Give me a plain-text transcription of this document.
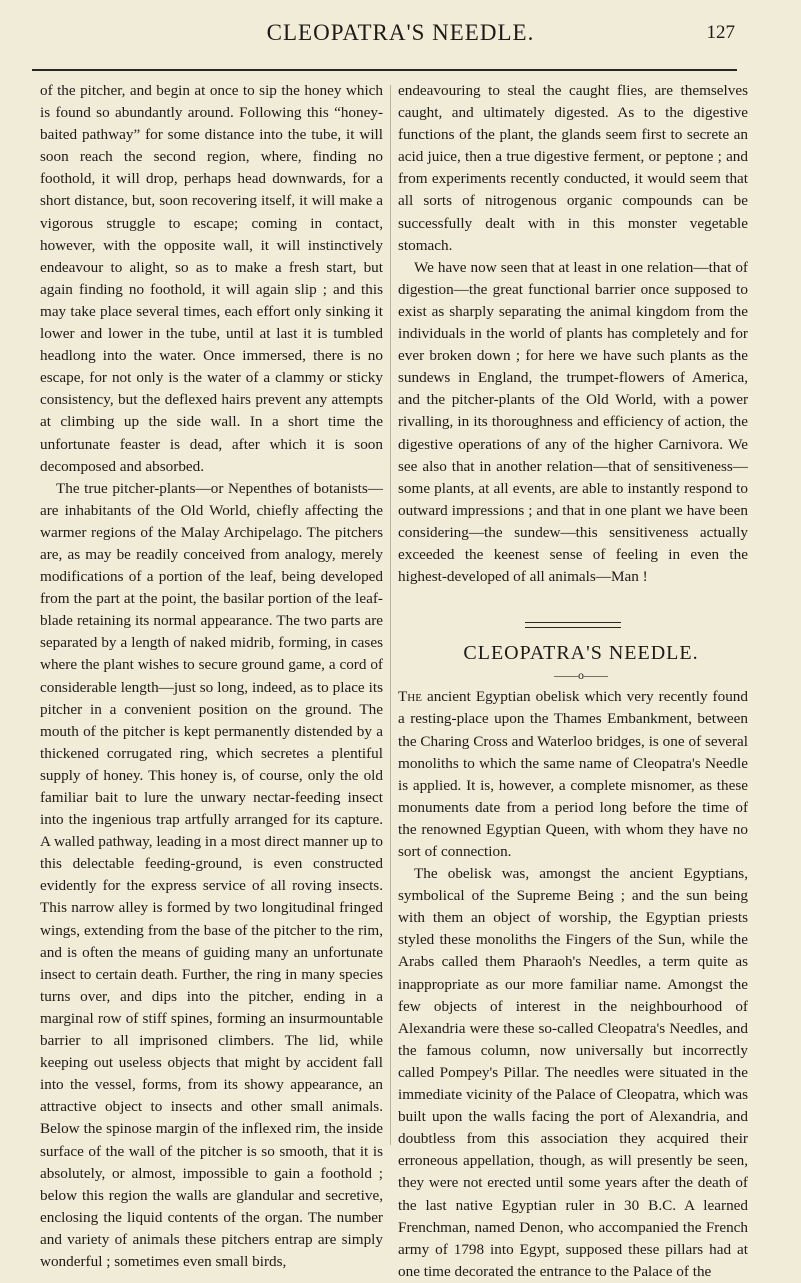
CLEOPATRA'S NEEDLE.	127

of the pitcher, and begin at once to sip the honey which is found so abundantly around. Following this “honey-baited pathway” for some distance into the tube, it will soon reach the second region, where, finding no foothold, it will drop, perhaps head downwards, for a short distance, but, soon recovering itself, it will make a vigorous struggle to escape; coming in contact, however, with the opposite wall, it will instinctively endeavour to alight, so as to make a fresh start, but again finding no foothold, it will again slip ; and this may take place several times, each effort only sinking it lower and lower in the tube, until at last it is tumbled headlong into the water. Once immersed, there is no escape, for not only is the water of a clammy or sticky consistency, but the deflexed hairs prevent any attempts at climbing up the side wall. In a short time the unfortunate feaster is dead, after which it is soon decomposed and absorbed.

The true pitcher-plants—or Nepenthes of botanists—are inhabitants of the Old World, chiefly affecting the warmer regions of the Malay Archipelago. The pitchers are, as may be readily conceived from analogy, merely modifications of a portion of the leaf, being developed from the part at the point, the basilar portion of the leaf-blade retaining its normal appearance. The two parts are separated by a length of naked midrib, forming, in cases where the plant wishes to secure ground game, a cord of considerable length—just so long, indeed, as to place its pitcher in a convenient position on the ground. The mouth of the pitcher is kept permanently distended by a thickened corrugated ring, which secretes a plentiful supply of honey. This honey is, of course, only the old familiar bait to lure the unwary nectar-feeding insect into the ingenious trap artfully arranged for its capture. A walled pathway, leading in a most direct manner up to this delectable feeding-ground, is even constructed evidently for the express service of all roving insects. This narrow alley is formed by two longitudinal fringed wings, extending from the base of the pitcher to the rim, and is often the means of guiding many an unfortunate insect to certain death. Further, the ring in many species turns over, and dips into the pitcher, ending in a marginal row of stiff spines, forming an insurmountable barrier to all imprisoned climbers. The lid, while keeping out useless objects that might by accident fall into the vessel, forms, from its showy appearance, an attractive object to insects and other small animals. Below the spinose margin of the inflexed rim, the inside surface of the wall of the pitcher is so smooth, that it is absolutely, or almost, impossible to gain a foothold ; below this region the walls are glandular and secretive, enclosing the liquid contents of the organ. The number and variety of animals these pitchers entrap are simply wonderful ; sometimes even small birds,

endeavouring to steal the caught flies, are themselves caught, and ultimately digested. As to the digestive functions of the plant, the glands seem first to secrete an acid juice, then a true digestive ferment, or peptone ; and from experiments recently conducted, it would seem that all sorts of nitrogenous organic compounds can be successfully dealt with in this monster vegetable stomach.

We have now seen that at least in one relation—that of digestion—the great functional barrier once supposed to exist as sharply separating the animal kingdom from the individuals in the world of plants has completely and for ever broken down ; for here we have such plants as the sundews in England, the trumpet-flowers of America, and the pitcher-plants of the Old World, with a power rivalling, in its thoroughness and efficiency of action, the digestive operations of any of the higher Carnivora. We see also that in another relation—that of sensitiveness—some plants, at all events, are able to instantly respond to outward impressions ; and that in one plant we have been considering—the sundew—this sensitiveness actually exceeded the keenest sense of feeling in even the highest-developed of all animals—Man !

CLEOPATRA'S NEEDLE.

——o——

The ancient Egyptian obelisk which very recently found a resting-place upon the Thames Embankment, between the Charing Cross and Waterloo bridges, is one of several monoliths to which the same name of Cleopatra's Needle is applied. It is, however, a complete misnomer, as these monuments date from a period long before the time of the renowned Egyptian Queen, with whom they have no sort of connection.

The obelisk was, amongst the ancient Egyptians, symbolical of the Supreme Being ; and the sun being with them an object of worship, the Egyptian priests styled these monoliths the Fingers of the Sun, while the Arabs called them Pharaoh's Needles, a term quite as inappropriate as our more familiar name. Amongst the few objects of interest in the neighbourhood of Alexandria were these so-called Cleopatra's Needles, and the famous column, now universally but incorrectly called Pompey's Pillar. The needles were situated in the immediate vicinity of the Palace of Cleopatra, which was built upon the walls facing the port of Alexandria, and doubtless from this association they acquired their erroneous appellation, though, as will presently be seen, they were not erected until some years after the death of the last native Egyptian ruler in 30 B.C. A learned Frenchman, named Denon, who accompanied the French army of 1798 into Egypt, supposed these pillars had at one time decorated the entrance to the Palace of the
